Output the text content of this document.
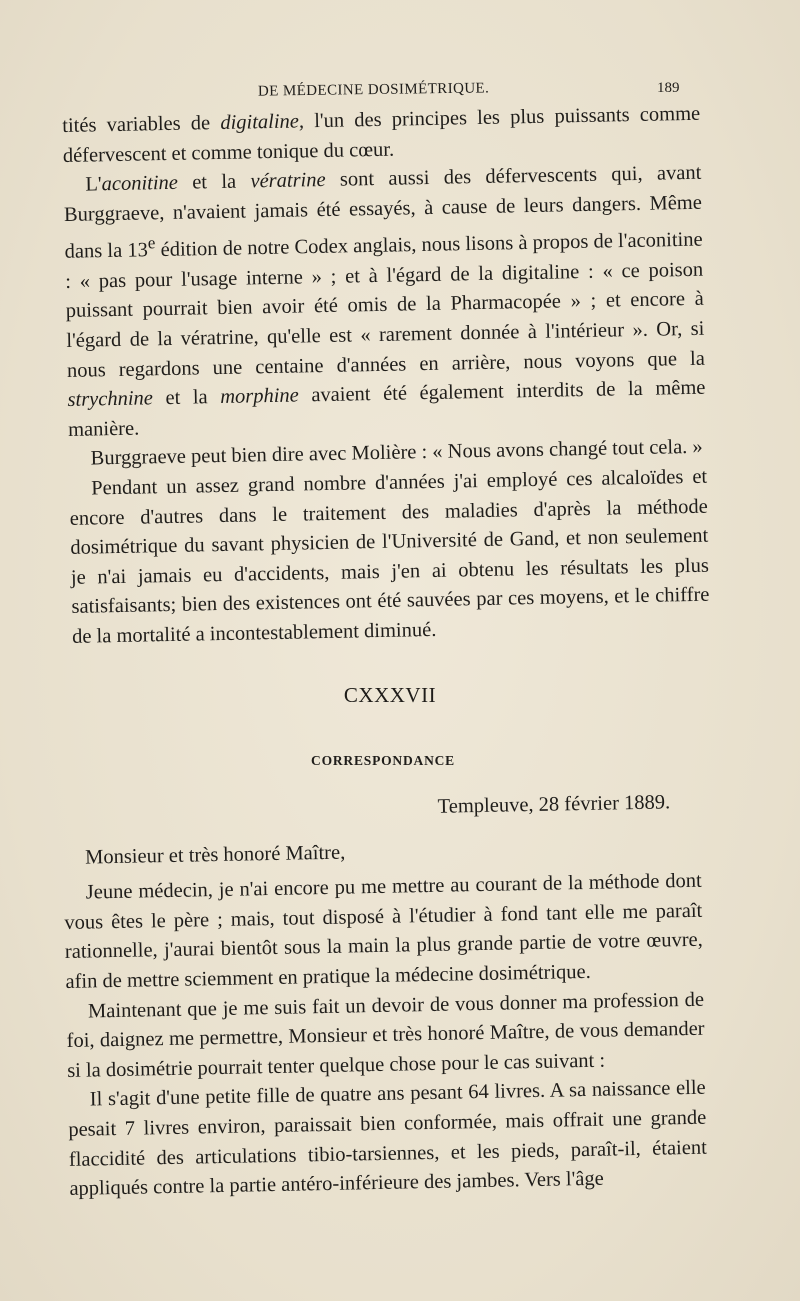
DE MÉDECINE DOSIMÉTRIQUE.	189

tités variables de digitaline, l'un des principes les plus puissants comme défervescent et comme tonique du cœur.

L'aconitine et la vératrine sont aussi des défervescents qui, avant Burggraeve, n'avaient jamais été essayés, à cause de leurs dangers. Même dans la 13e édition de notre Codex anglais, nous lisons à propos de l'aconitine : « pas pour l'usage interne » ; et à l'égard de la digitaline : « ce poison puissant pourrait bien avoir été omis de la Pharmacopée » ; et encore à l'égard de la vératrine, qu'elle est « rarement donnée à l'intérieur ». Or, si nous regardons une centaine d'années en arrière, nous voyons que la strychnine et la morphine avaient été également interdits de la même manière.

Burggraeve peut bien dire avec Molière : « Nous avons changé tout cela. »

Pendant un assez grand nombre d'années j'ai employé ces alcaloïdes et encore d'autres dans le traitement des maladies d'après la méthode dosimétrique du savant physicien de l'Université de Gand, et non seulement je n'ai jamais eu d'accidents, mais j'en ai obtenu les résultats les plus satisfaisants; bien des existences ont été sauvées par ces moyens, et le chiffre de la mortalité a incontestablement diminué.

CXXXVII
CORRESPONDANCE

Templeuve, 28 février 1889.

Monsieur et très honoré Maître,

Jeune médecin, je n'ai encore pu me mettre au courant de la méthode dont vous êtes le père ; mais, tout disposé à l'étudier à fond tant elle me paraît rationnelle, j'aurai bientôt sous la main la plus grande partie de votre œuvre, afin de mettre sciemment en pratique la médecine dosimétrique.

Maintenant que je me suis fait un devoir de vous donner ma profession de foi, daignez me permettre, Monsieur et très honoré Maître, de vous demander si la dosimétrie pourrait tenter quelque chose pour le cas suivant :

Il s'agit d'une petite fille de quatre ans pesant 64 livres. A sa naissance elle pesait 7 livres environ, paraissait bien conformée, mais offrait une grande flaccidité des articulations tibio-tarsiennes, et les pieds, paraît-il, étaient appliqués contre la partie antéro-inférieure des jambes. Vers l'âge
